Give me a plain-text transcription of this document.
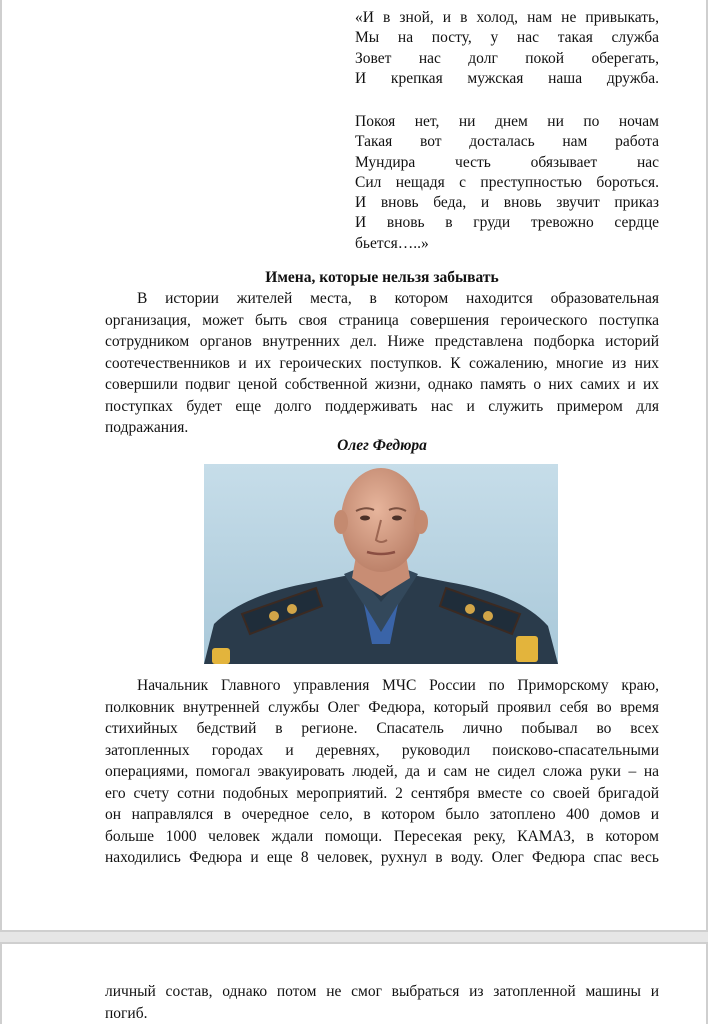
«И в зной, и в холод, нам не привыкать,
Мы на посту, у нас такая служба
Зовет нас долг покой оберегать,
И крепкая мужская наша дружба.
Покоя нет, ни днем ни по ночам
Такая вот досталась нам работа
Мундира честь обязывает нас
Сил нещадя с преступностью бороться.
И вновь беда, и вновь звучит приказ
И вновь в груди тревожно сердце
бьется…..»
Имена, которые нельзя забывать
В истории жителей места, в котором находится образовательная
организация, может быть своя страница совершения героического поступка
сотрудником органов внутренних дел. Ниже представлена подборка историй
соотечественников и их героических поступков. К сожалению, многие из них
совершили подвиг ценой собственной жизни, однако память о них самих и их
поступках будет еще долго поддерживать нас и служить примером для
подражания.
Олег Федюра
Начальник Главного управления МЧС России по Приморскому краю,
полковник внутренней службы Олег Федюра, который проявил себя во время
стихийных бедствий в регионе. Спасатель лично побывал во всех
затопленных городах и деревнях, руководил поисково-спасательными
операциями, помогал эвакуировать людей, да и сам не сидел сложа руки – на
его счету сотни подобных мероприятий. 2 сентября вместе со своей бригадой
он направлялся в очередное село, в котором было затоплено 400 домов и
больше 1000 человек ждали помощи. Пересекая реку, КАМАЗ, в котором
находились Федюра и еще 8 человек, рухнул в воду. Олег Федюра спас весь
личный состав, однако потом не смог выбраться из затопленной машины и
погиб.
